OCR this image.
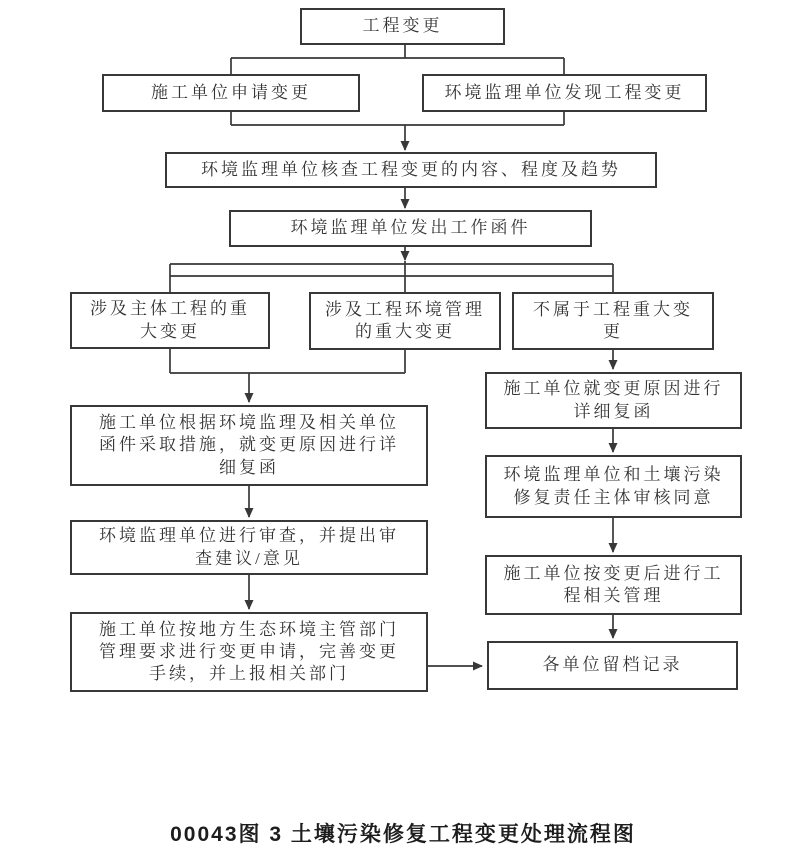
工程变更
施工单位申请变更	环境监理单位发现工程变更
环境监理单位核查工程变更的内容、程度及趋势
环境监理单位发出工作函件
涉及主体工程的重
大变更
涉及工程环境管理
的重大变更
不属于工程重大变
更
施工单位根据环境监理及相关单位
函件采取措施，就变更原因进行详
细复函
环境监理单位进行审查，并提出审
查建议/意见
施工单位按地方生态环境主管部门
管理要求进行变更申请，完善变更
手续，并上报相关部门
施工单位就变更原因进行
详细复函
环境监理单位和土壤污染
修复责任主体审核同意
施工单位按变更后进行工
程相关管理
各单位留档记录
00043图 3 土壤污染修复工程变更处理流程图
